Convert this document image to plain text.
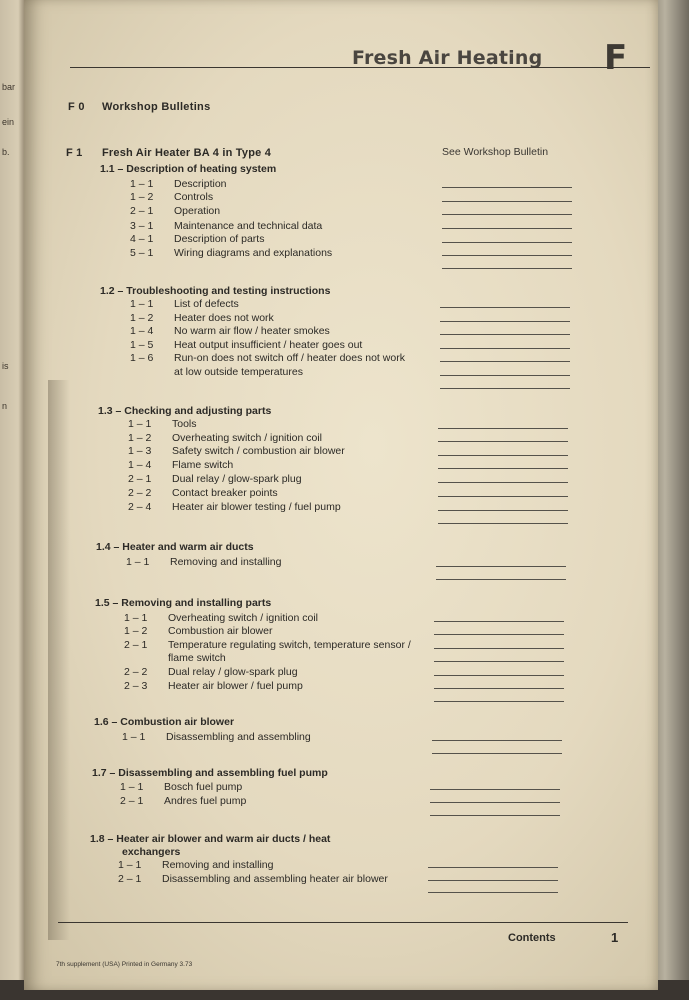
bar
ein
b.
is
n
Fresh Air Heating F
F 0 Workshop Bulletins
F 1 Fresh Air Heater BA 4 in Type 4	See Workshop Bulletin
1.1 – Description of heating system
1 – 1 Description
1 – 2 Controls
2 – 1 Operation
3 – 1 Maintenance and technical data
4 – 1 Description of parts
5 – 1 Wiring diagrams and explanations
1.2 – Troubleshooting and testing instructions
1 – 1 List of defects
1 – 2 Heater does not work
1 – 4 No warm air flow / heater smokes
1 – 5 Heat output insufficient / heater goes out
1 – 6 Run-on does not switch off / heater does not work
at low outside temperatures
1.3 – Checking and adjusting parts
1 – 1 Tools
1 – 2 Overheating switch / ignition coil
1 – 3 Safety switch / combustion air blower
1 – 4 Flame switch
2 – 1 Dual relay / glow-spark plug
2 – 2 Contact breaker points
2 – 4 Heater air blower testing / fuel pump
1.4 – Heater and warm air ducts
1 – 1 Removing and installing
1.5 – Removing and installing parts
1 – 1 Overheating switch / ignition coil
1 – 2 Combustion air blower
2 – 1 Temperature regulating switch, temperature sensor /
flame switch
2 – 2 Dual relay / glow-spark plug
2 – 3 Heater air blower / fuel pump
1.6 – Combustion air blower
1 – 1 Disassembling and assembling
1.7 – Disassembling and assembling fuel pump
1 – 1 Bosch fuel pump
2 – 1 Andres fuel pump
1.8 – Heater air blower and warm air ducts / heat
exchangers
1 – 1 Removing and installing
2 – 1 Disassembling and assembling heater air blower
Contents	1
7th supplement (USA) Printed in Germany 3.73
